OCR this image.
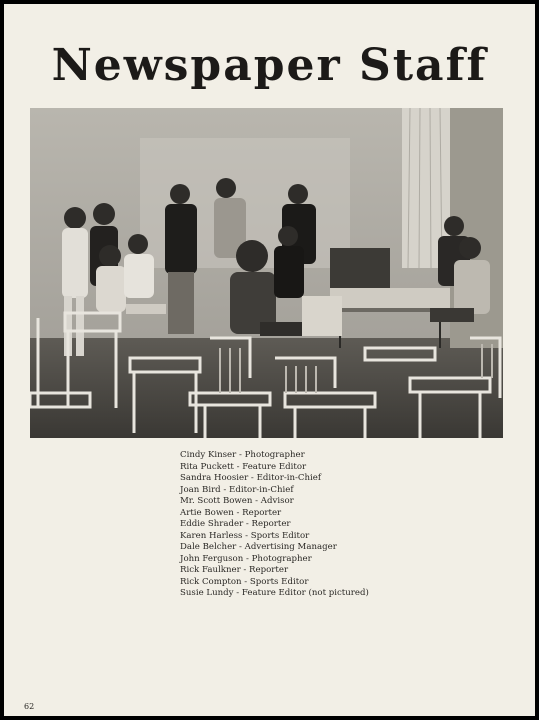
Newspaper Staff
Cindy Kinser - Photographer
Rita Puckett - Feature Editor
Sandra Hoosier - Editor-in-Chief
Joan Bird - Editor-in-Chief
Mr. Scott Bowen - Advisor
Artie Bowen - Reporter
Eddie Shrader - Reporter
Karen Harless - Sports Editor
Dale Belcher - Advertising Manager
John Ferguson - Photographer
Rick Faulkner - Reporter
Rick Compton - Sports Editor
Susie Lundy - Feature Editor (not pictured)
62
